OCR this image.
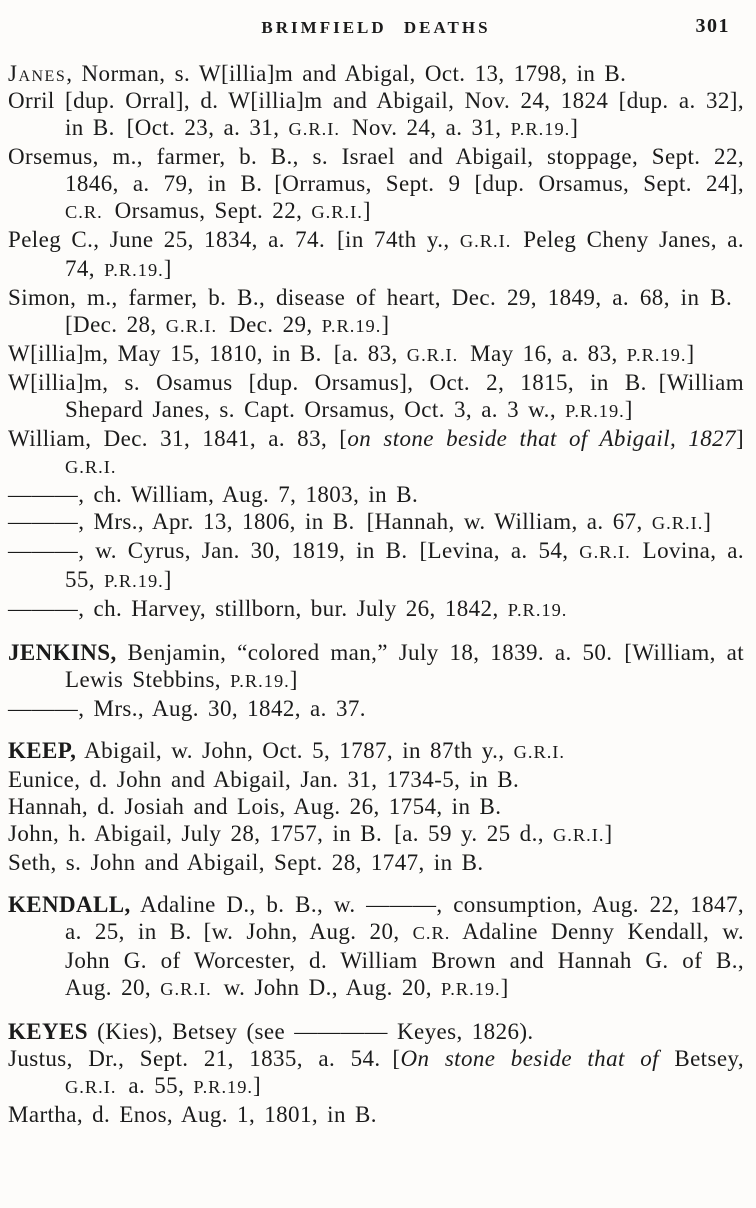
BRIMFIELD DEATHS	301

Janes, Norman, s. W[illia]m and Abigal, Oct. 13, 1798, in B.

Orril [dup. Orral], d. W[illia]m and Abigail, Nov. 24, 1824 [dup. a. 32], in B. [Oct. 23, a. 31, G.R.I. Nov. 24, a. 31, P.R.19.]

Orsemus, m., farmer, b. B., s. Israel and Abigail, stoppage, Sept. 22, 1846, a. 79, in B. [Orramus, Sept. 9 [dup. Orsamus, Sept. 24], C.R. Orsamus, Sept. 22, G.R.I.]

Peleg C., June 25, 1834, a. 74. [in 74th y., G.R.I. Peleg Cheny Janes, a. 74, P.R.19.]

Simon, m., farmer, b. B., disease of heart, Dec. 29, 1849, a. 68, in B. [Dec. 28, G.R.I. Dec. 29, P.R.19.]

W[illia]m, May 15, 1810, in B. [a. 83, G.R.I. May 16, a. 83, P.R.19.]

W[illia]m, s. Osamus [dup. Orsamus], Oct. 2, 1815, in B. [William Shepard Janes, s. Capt. Orsamus, Oct. 3, a. 3 w., P.R.19.]

William, Dec. 31, 1841, a. 83, [on stone beside that of Abigail, 1827] G.R.I.

———, ch. William, Aug. 7, 1803, in B.

———, Mrs., Apr. 13, 1806, in B. [Hannah, w. William, a. 67, G.R.I.]

———, w. Cyrus, Jan. 30, 1819, in B. [Levina, a. 54, G.R.I. Lovina, a. 55, P.R.19.]

———, ch. Harvey, stillborn, bur. July 26, 1842, P.R.19.

JENKINS, Benjamin, “colored man,” July 18, 1839. a. 50. [William, at Lewis Stebbins, P.R.19.]

———, Mrs., Aug. 30, 1842, a. 37.

KEEP, Abigail, w. John, Oct. 5, 1787, in 87th y., G.R.I.

Eunice, d. John and Abigail, Jan. 31, 1734-5, in B.

Hannah, d. Josiah and Lois, Aug. 26, 1754, in B.

John, h. Abigail, July 28, 1757, in B. [a. 59 y. 25 d., G.R.I.]

Seth, s. John and Abigail, Sept. 28, 1747, in B.

KENDALL, Adaline D., b. B., w. ———, consumption, Aug. 22, 1847, a. 25, in B. [w. John, Aug. 20, C.R. Adaline Denny Kendall, w. John G. of Worcester, d. William Brown and Hannah G. of B., Aug. 20, G.R.I. w. John D., Aug. 20, P.R.19.]

KEYES (Kies), Betsey (see ———— Keyes, 1826).

Justus, Dr., Sept. 21, 1835, a. 54. [On stone beside that of Betsey, G.R.I. a. 55, P.R.19.]

Martha, d. Enos, Aug. 1, 1801, in B.
